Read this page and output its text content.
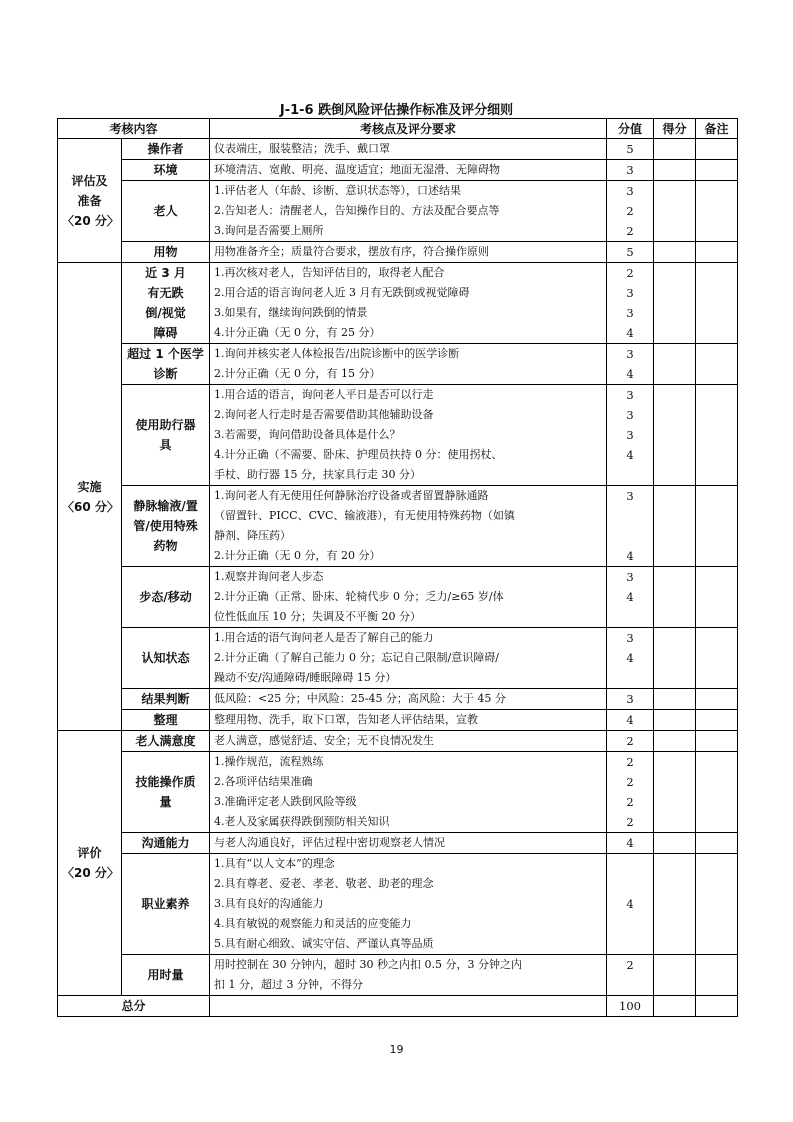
J-1-6 跌倒风险评估操作标准及评分细则
考核内容		考核点及评分要求	分值	得分	备注

评估及
准备
〈20 分〉	操作者	仪表端庄，服装整洁；洗手、戴口罩	5		

	环境	环境清洁、宽敞、明亮、温度适宜；地面无湿滑、无障碍物	3		

	老人	1.评估老人（年龄、诊断、意识状态等），口述结果
2.告知老人：清醒老人，告知操作目的、方法及配合要点等
3.询问是否需要上厕所	3
2
2		

	用物	用物准备齐全；质量符合要求，摆放有序，符合操作原则	5		

实施
〈60 分〉	近 3 月有无跌倒/视觉障碍	1.再次核对老人，告知评估目的，取得老人配合
2.用合适的语言询问老人近 3 月有无跌倒或视觉障碍
3.如果有，继续询问跌倒的情景
4.计分正确（无 0 分，有 25 分）	2
3
3
4		

	超过 1 个医学诊断	1.询问并核实老人体检报告/出院诊断中的医学诊断
2.计分正确（无 0 分，有 15 分）	3
4		

	使用助行器具	1.用合适的语言，询问老人平日是否可以行走
2.询问老人行走时是否需要借助其他辅助设备
3.若需要，询问借助设备具体是什么？
4.计分正确（不需要、卧床、护理员扶持 0 分：使用拐杖、
手杖、助行器 15 分，扶家具行走 30 分）	3
3
3
4		

	静脉输液/置管/使用特殊药物	1.询问老人有无使用任何静脉治疗设备或者留置静脉通路
（留置针、PICC、CVC、输液港），有无使用特殊药物（如镇
静剂、降压药）
2.计分正确（无 0 分，有 20 分）	3
4		

	步态/移动	1.观察并询问老人步态
2.计分正确（正常、卧床、轮椅代步 0 分；乏力/≥65 岁/体
位性低血压 10 分；失调及不平衡 20 分）	3
4		

	认知状态	1.用合适的语气询问老人是否了解自己的能力
2.计分正确（了解自己能力 0 分；忘记自己限制/意识障碍/
躁动不安/沟通障碍/睡眠障碍 15 分）	3
4		

	结果判断	低风险：<25 分；中风险：25-45 分；高风险：大于 45 分	3		

	整理	整理用物、洗手，取下口罩，告知老人评估结果，宣教	4		

评价
〈20 分〉	老人满意度	老人满意，感觉舒适、安全；无不良情况发生	2		

	技能操作质量	1.操作规范，流程熟练
2.各项评估结果准确
3.准确评定老人跌倒风险等级
4.老人及家属获得跌倒预防相关知识	2
2
2
2		

	沟通能力	与老人沟通良好，评估过程中密切观察老人情况	4		

	职业素养	1.具有“以人文本”的理念
2.具有尊老、爱老、孝老、敬老、助老的理念
3.具有良好的沟通能力
4.具有敏锐的观察能力和灵活的应变能力
5.具有耐心细致、诚实守信、严谨认真等品质	4		

	用时量	用时控制在 30 分钟内，超时 30 秒之内扣 0.5 分，3 分钟之内
扣 1 分，超过 3 分钟，不得分	2		

总分			100		
19
